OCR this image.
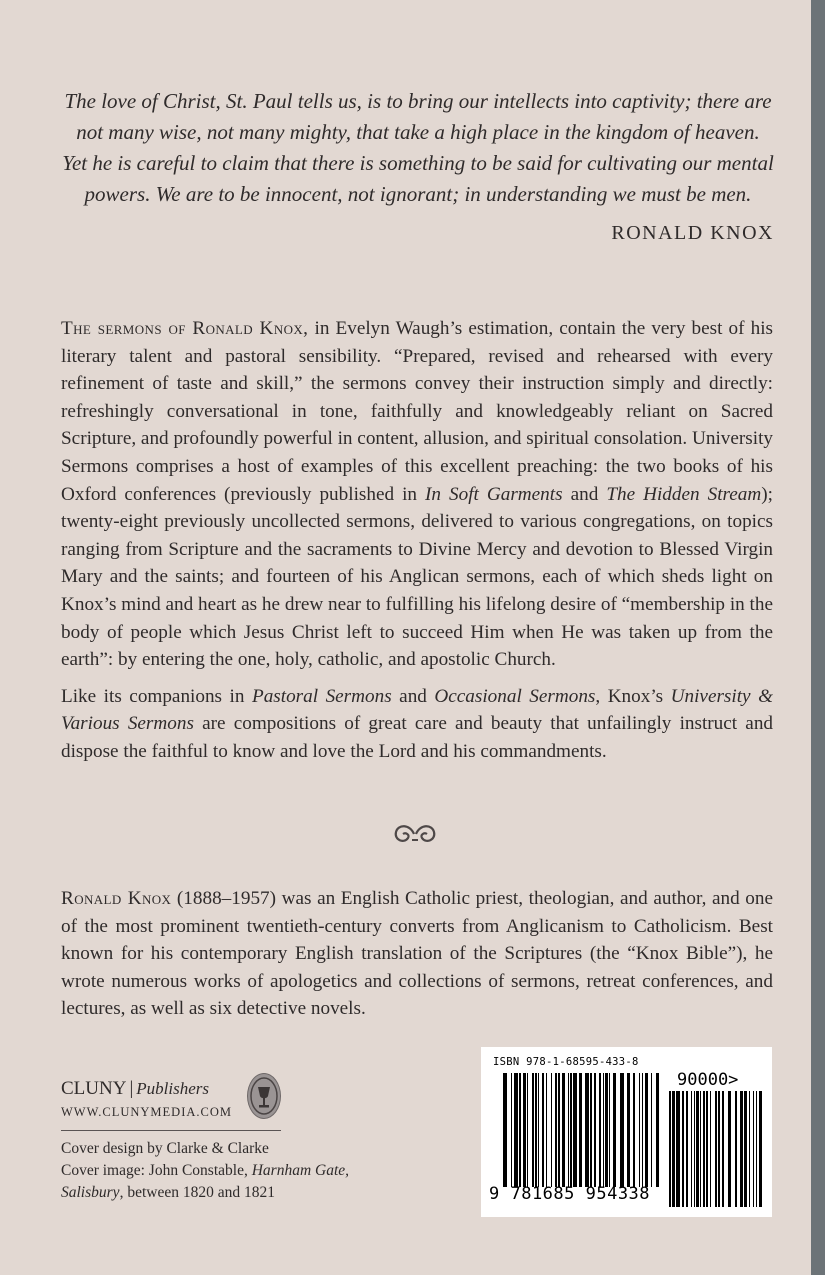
The love of Christ, St. Paul tells us, is to bring our intellects into captivity; there are not many wise, not many mighty, that take a high place in the kingdom of heaven. Yet he is careful to claim that there is something to be said for cultivating our mental powers. We are to be innocent, not ignorant; in understanding we must be men.
RONALD KNOX

The sermons of Ronald Knox, in Evelyn Waugh’s estimation, contain the very best of his literary talent and pastoral sensibility. “Prepared, revised and rehearsed with every refinement of taste and skill,” the sermons convey their instruction simply and directly: refreshingly conversational in tone, faithfully and knowledgeably reliant on Sacred Scripture, and profoundly powerful in content, allusion, and spiritual consolation. University Sermons comprises a host of examples of this excellent preaching: the two books of his Oxford conferences (previously published in In Soft Garments and The Hidden Stream); twenty-eight previously uncollected sermons, delivered to various congregations, on topics ranging from Scripture and the sacraments to Divine Mercy and devotion to Blessed Virgin Mary and the saints; and fourteen of his Anglican sermons, each of which sheds light on Knox’s mind and heart as he drew near to fulfilling his lifelong desire of “membership in the body of people which Jesus Christ left to succeed Him when He was taken up from the earth”: by entering the one, holy, catholic, and apostolic Church.

Like its companions in Pastoral Sermons and Occasional Sermons, Knox’s University & Various Sermons are compositions of great care and beauty that unfailingly instruct and dispose the faithful to know and love the Lord and his commandments.

Ronald Knox (1888–1957) was an English Catholic priest, theologian, and author, and one of the most prominent twentieth-century converts from Anglicanism to Catholicism. Best known for his contemporary English translation of the Scriptures (the “Knox Bible”), he wrote numerous works of apologetics and collections of sermons, retreat conferences, and lectures, as well as six detective novels.

CLUNY | Publishers
WWW.CLUNYMEDIA.COM
Cover design by Clarke & Clarke
Cover image: John Constable, Harnham Gate, Salisbury, between 1820 and 1821
ISBN 978-1-68595-433-8
90000>
9 781685 954338
